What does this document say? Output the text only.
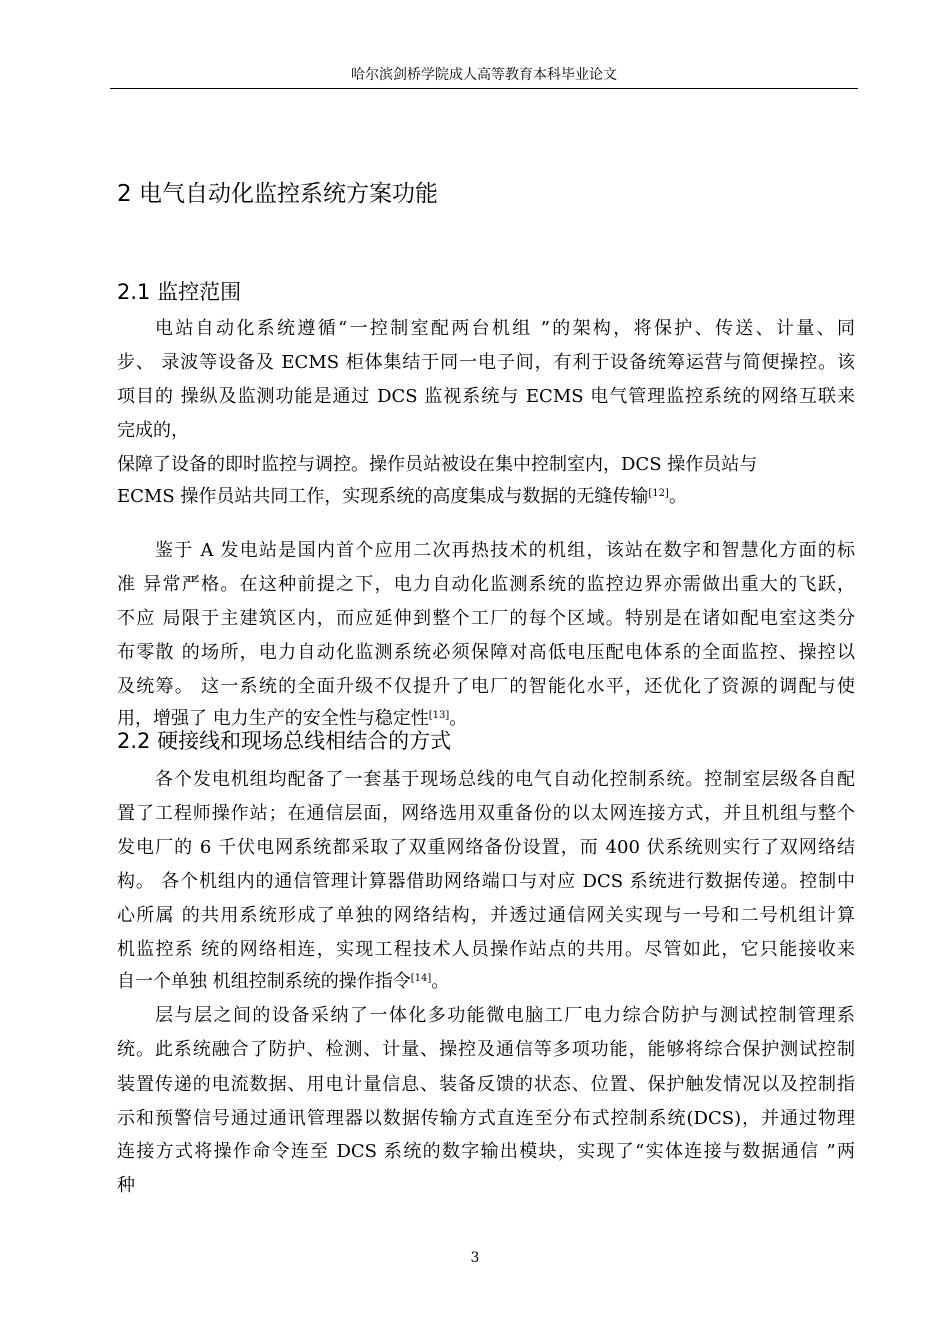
哈尔滨剑桥学院成人高等教育本科毕业论文
2 电气自动化监控系统方案功能
2.1 监控范围
2.2 硬接线和现场总线相结合的方式
电站自动化系统遵循“一控制室配两台机组 ”的架构，将保护、传送、计量、同
步、 录波等设备及 ECMS 柜体集结于同一电子间，有利于设备统筹运营与简便操控。该
项目的 操纵及监测功能是通过 DCS 监视系统与 ECMS 电气管理监控系统的网络互联来
完成的，
保障了设备的即时监控与调控。操作员站被设在集中控制室内，DCS 操作员站与
ECMS 操作员站共同工作，实现系统的高度集成与数据的无缝传输[12]。
鉴于 A 发电站是国内首个应用二次再热技术的机组，该站在数字和智慧化方面的标
准 异常严格。在这种前提之下，电力自动化监测系统的监控边界亦需做出重大的飞跃，
不应 局限于主建筑区内，而应延伸到整个工厂的每个区域。特别是在诸如配电室这类分
布零散 的场所，电力自动化监测系统必须保障对高低电压配电体系的全面监控、操控以
及统筹。 这一系统的全面升级不仅提升了电厂的智能化水平，还优化了资源的调配与使
用，增强了 电力生产的安全性与稳定性[13]。
各个发电机组均配备了一套基于现场总线的电气自动化控制系统。控制室层级各自配
置了工程师操作站；在通信层面，网络选用双重备份的以太网连接方式，并且机组与整个
发电厂的 6 千伏电网系统都采取了双重网络备份设置，而 400 伏系统则实行了双网络结
构。 各个机组内的通信管理计算器借助网络端口与对应 DCS 系统进行数据传递。控制中
心所属 的共用系统形成了单独的网络结构，并透过通信网关实现与一号和二号机组计算
机监控系 统的网络相连，实现工程技术人员操作站点的共用。尽管如此，它只能接收来
自一个单独 机组控制系统的操作指令[14]。
层与层之间的设备采纳了一体化多功能微电脑工厂电力综合防护与测试控制管理系
统。此系统融合了防护、检测、计量、操控及通信等多项功能，能够将综合保护测试控制
装置传递的电流数据、用电计量信息、装备反馈的状态、位置、保护触发情况以及控制指
示和预警信号通过通讯管理器以数据传输方式直连至分布式控制系统(DCS)，并通过物理
连接方式将操作命令连至 DCS 系统的数字输出模块，实现了“实体连接与数据通信 ”两
种
3
